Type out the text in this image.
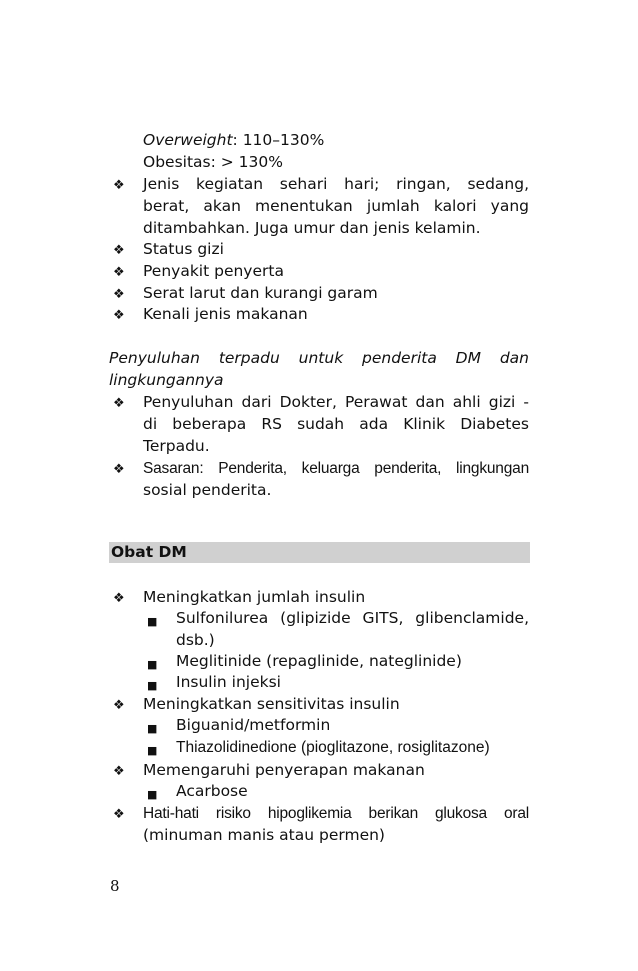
Overweight: 110–130%
Obesitas: > 130%
❖ Jenis kegiatan sehari hari; ringan, sedang,
berat, akan menentukan jumlah kalori yang
ditambahkan. Juga umur dan jenis kelamin.
❖ Status gizi
❖ Penyakit penyerta
❖ Serat larut dan kurangi garam
❖ Kenali jenis makanan
Penyuluhan terpadu untuk penderita DM dan
lingkungannya
❖ Penyuluhan dari Dokter, Perawat dan ahli gizi -
di beberapa RS sudah ada Klinik Diabetes
Terpadu.
❖ Sasaran: Penderita, keluarga penderita, lingkungan
sosial penderita.
Obat DM
❖ Meningkatkan jumlah insulin
■ Sulfonilurea (glipizide GITS, glibenclamide,
dsb.)
■ Meglitinide (repaglinide, nateglinide)
■ Insulin injeksi
❖ Meningkatkan sensitivitas insulin
■ Biguanid/metformin
■ Thiazolidinedione (pioglitazone, rosiglitazone)
❖ Memengaruhi penyerapan makanan
■ Acarbose
❖ Hati-hati risiko hipoglikemia berikan glukosa oral
(minuman manis atau permen)
8
